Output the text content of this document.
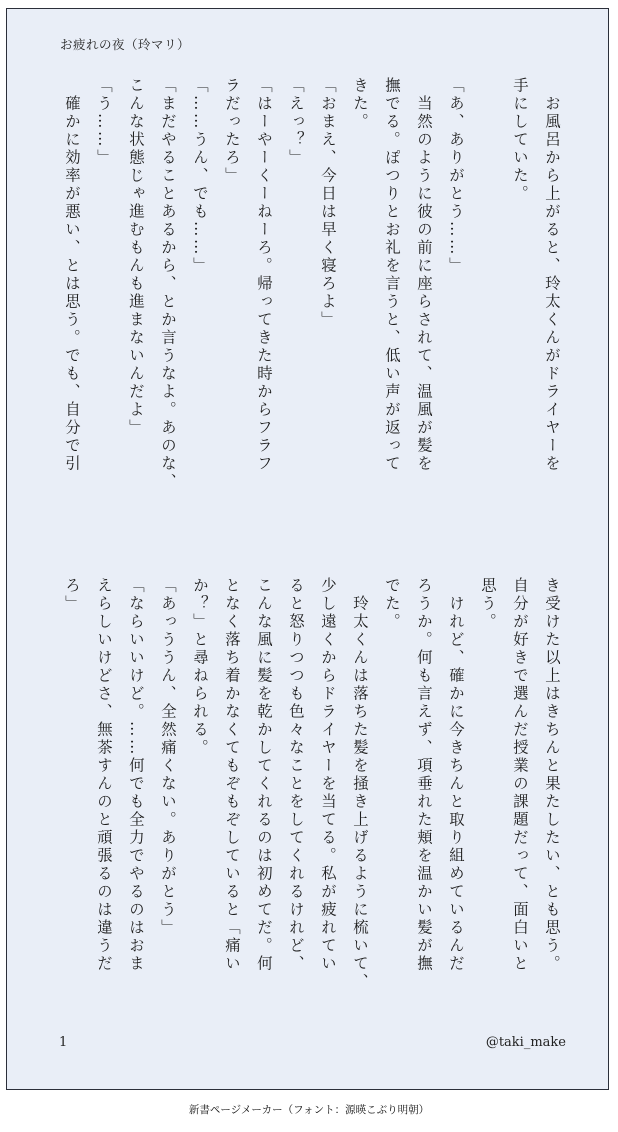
お疲れの夜（玲マリ）
　お風呂から上がると、玲太くんがドライヤーを
手にしていた。

「あ、ありがとう……」
　当然のように彼の前に座らされて、温風が髪を
撫でる。ぽつりとお礼を言うと、低い声が返って
きた。
「おまえ、今日は早く寝ろよ」
「えっ？」
「はーやーくーねーろ。帰ってきた時からフラフ
ラだったろ」
「……うん、でも……」
「まだやることあるから、とか言うなよ。あのな、
こんな状態じゃ進むもんも進まないんだよ」
「う……」
　確かに効率が悪い、とは思う。でも、自分で引
き受けた以上はきちんと果たしたい、とも思う。
自分が好きで選んだ授業の課題だって、面白いと
思う。
　けれど、確かに今きちんと取り組めているんだ
ろうか。何も言えず、項垂れた頬を温かい髪が撫
でた。
　玲太くんは落ちた髪を掻き上げるように梳いて、
少し遠くからドライヤーを当てる。私が疲れてい
ると怒りつつも色々なことをしてくれるけれど、
こんな風に髪を乾かしてくれるのは初めてだ。何
となく落ち着かなくてもぞもぞしていると「痛い
か？」と尋ねられる。
「あっううん、全然痛くない。ありがとう」
「ならいいけど。……何でも全力でやるのはおま
えらしいけどさ、無茶すんのと頑張るのは違うだ
ろ」
1	@taki_make
新書ページメーカー（フォント：源暎こぶり明朝）
